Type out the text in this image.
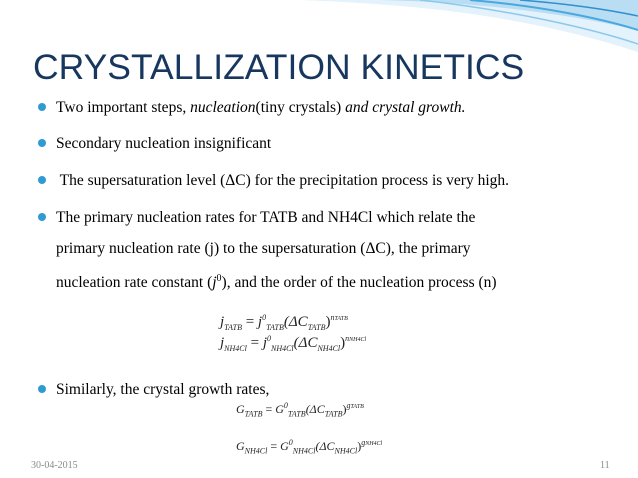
CRYSTALLIZATION KINETICS
Two important steps, nucleation(tiny crystals) and crystal growth.
Secondary nucleation insignificant
The supersaturation level (ΔC) for the precipitation process is very high.
The primary nucleation rates for TATB and NH4Cl which relate the
primary nucleation rate (j) to the supersaturation (ΔC), the primary
nucleation rate constant $(j^0)$, and the order of the nucleation process (n)
$j_{TATB} = j^0_{TATB}(\Delta C_{TATB})^{nTATB}$
$j_{NH4Cl} = j^0_{NH4Cl}(\Delta C_{NH4Cl})^{nNH4Cl}$
Similarly, the crystal growth rates,
$G_{TATB} = G^0_{TATB}(\Delta C_{TATB})^{gTATB}$
$G_{NH4Cl} = G^0_{NH4Cl}(\Delta C_{NH4Cl})^{gNH4Cl}$
30-04-2015	11
